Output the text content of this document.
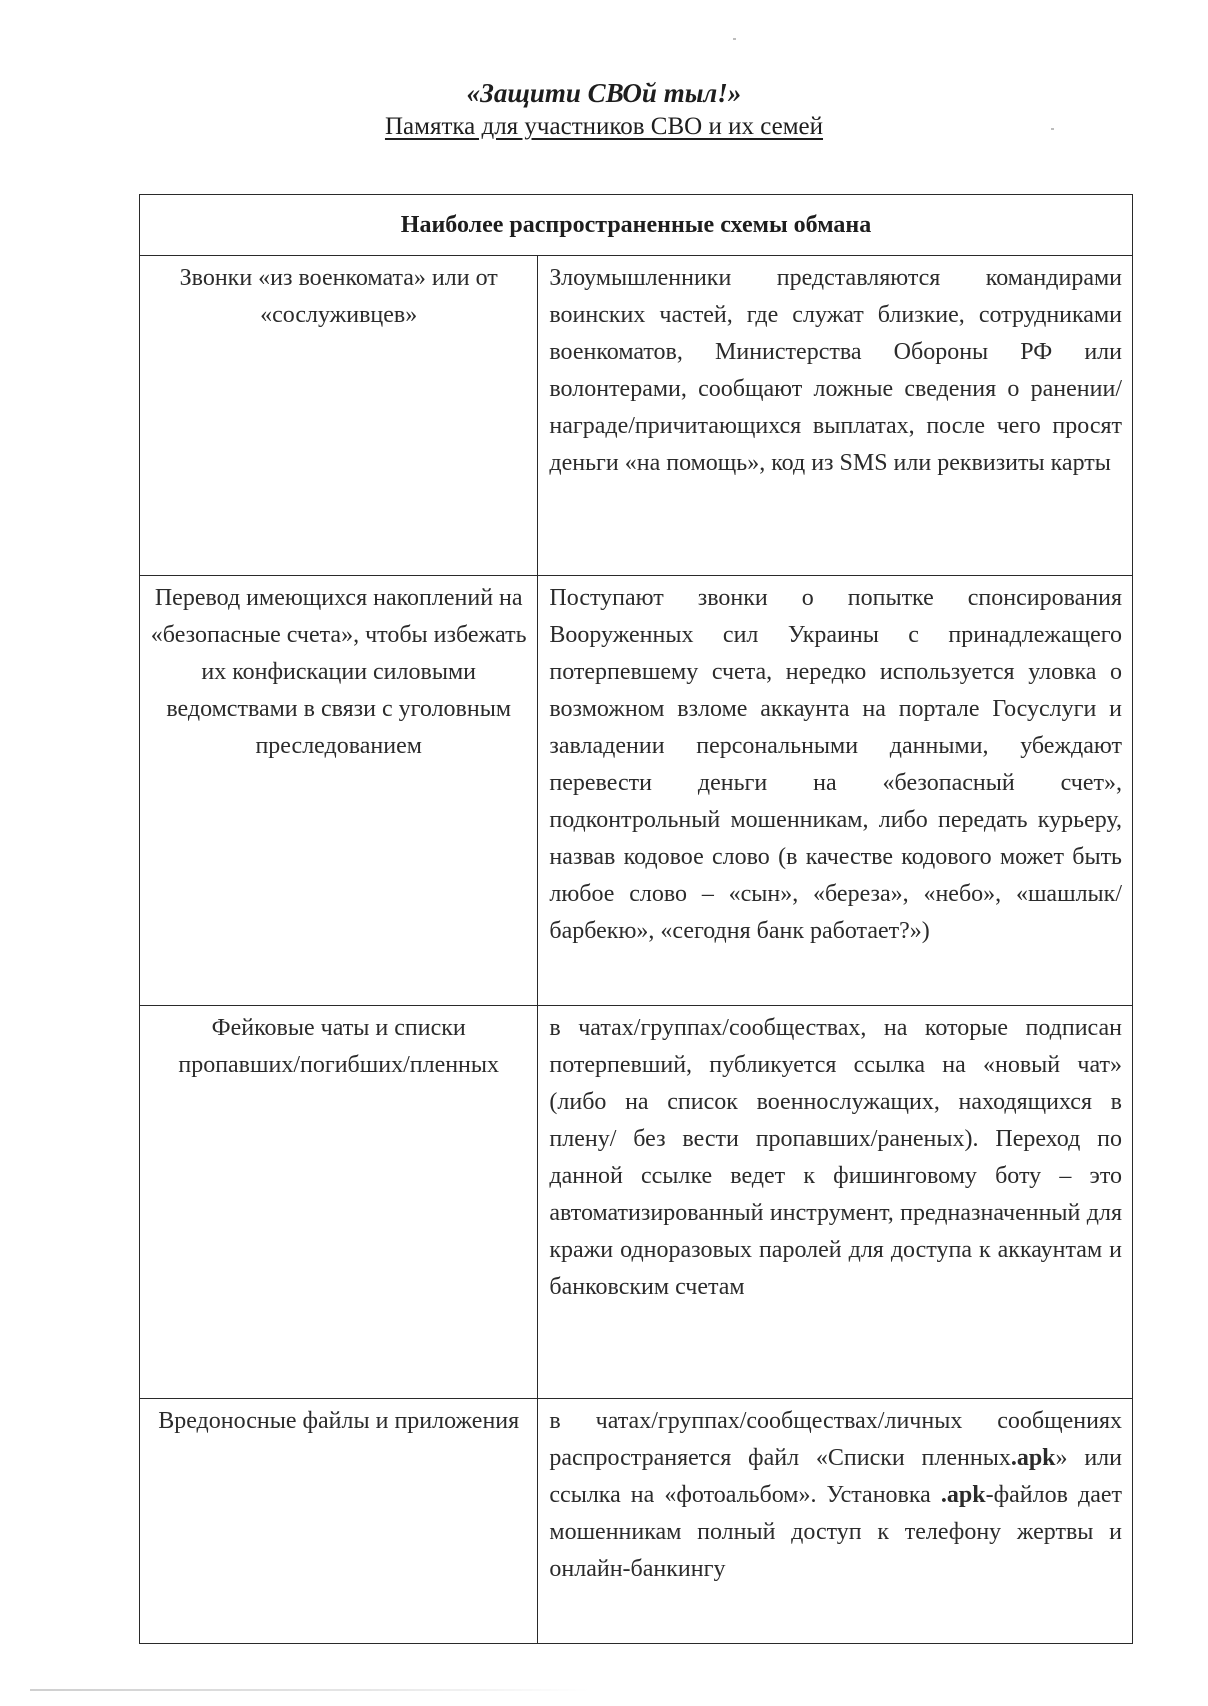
«Защити СВОй тыл!»

Памятка для участников СВО и их семей

Наиболее распространенные схемы обмана	
Звонки «из военкомата» или от «сослуживцев»	Злоумышленники представляются командирами воинских частей, где служат близкие, сотрудниками военкоматов, Министерства Обороны РФ или волонтерами, сообщают ложные сведения о ранении/награде/причитающихся выплатах, после чего просят деньги «на помощь», код из SMS или реквизиты карты
Перевод имеющихся накоплений на «безопасные счета», чтобы избежать их конфискации силовыми ведомствами в связи с уголовным преследованием	Поступают звонки о попытке спонсирования Вооруженных сил Украины с принадлежащего потерпевшему счета, нередко используется уловка о возможном взломе аккаунта на портале Госуслуги и завладении персональными данными, убеждают перевести деньги на «безопасный счет», подконтрольный мошенникам, либо передать курьеру, назвав кодовое слово (в качестве кодового может быть любое слово – «сын», «береза», «небо», «шашлык/барбекю», «сегодня банк работает?»)
Фейковые чаты и списки пропавших/погибших/пленных	в чатах/группах/сообществах, на которые подписан потерпевший, публикуется ссылка на «новый чат» (либо на список военнослужащих, находящихся в плену/ без вести пропавших/раненых). Переход по данной ссылке ведет к фишинговому боту – это автоматизированный инструмент, предназначенный для кражи одноразовых паролей для доступа к аккаунтам и банковским счетам
Вредоносные файлы и приложения	в чатах/группах/сообществах/личных сообщениях распространяется файл «Списки пленных.apk» или ссылка на «фотоальбом». Установка .apk-файлов дает мошенникам полный доступ к телефону жертвы и онлайн-банкингу
